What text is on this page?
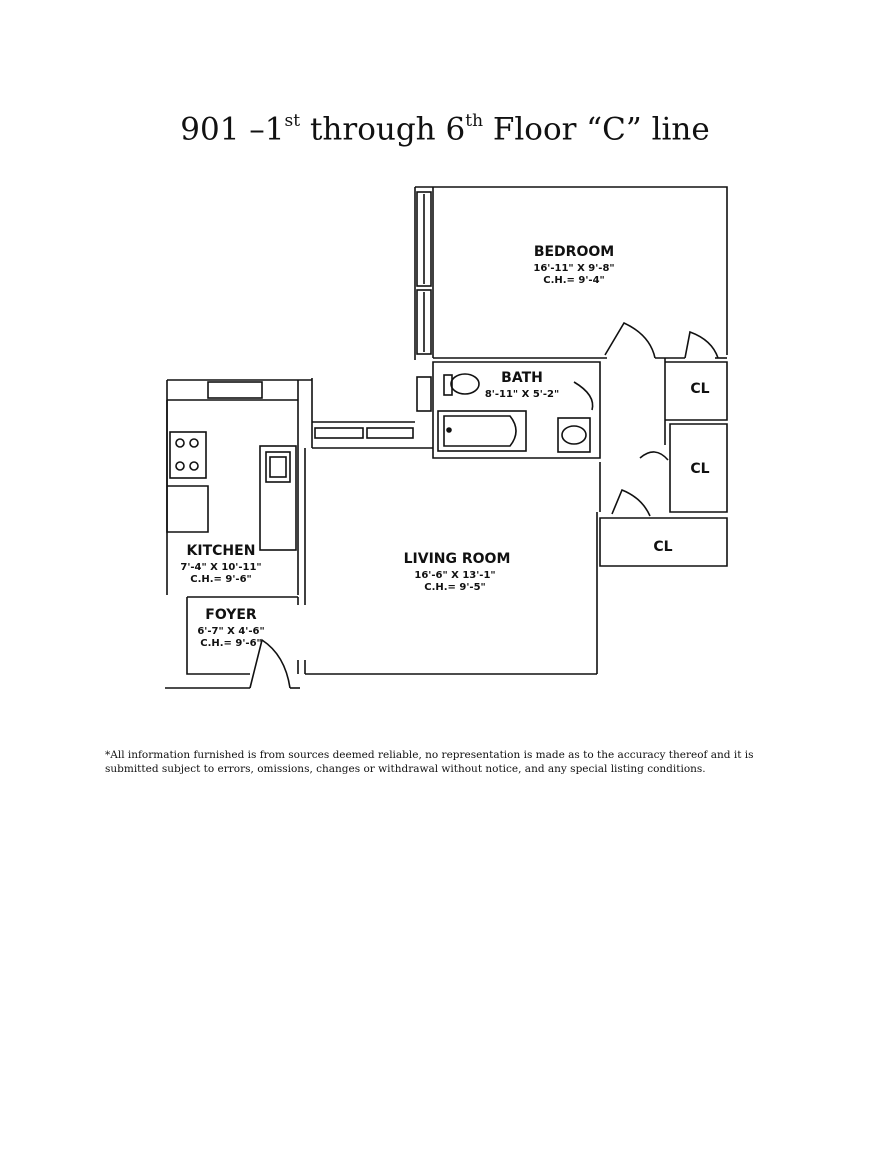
901 –1st through 6th Floor “C” line
BEDROOM
16'-11" X 9'-8"
C.H.= 9'-4"
BATH
8'-11" X 5'-2"
KITCHEN
7'-4" X 10'-11"
C.H.= 9'-6"
FOYER
6'-7" X 4'-6"
C.H.= 9'-6"
LIVING ROOM
16'-6" X 13'-1"
C.H.= 9'-5"
CL
CL
CL
*All information furnished is from sources deemed reliable, no representation is made as to the accuracy thereof and it is submitted subject to errors, omissions, changes or withdrawal without notice, and any special listing conditions.
